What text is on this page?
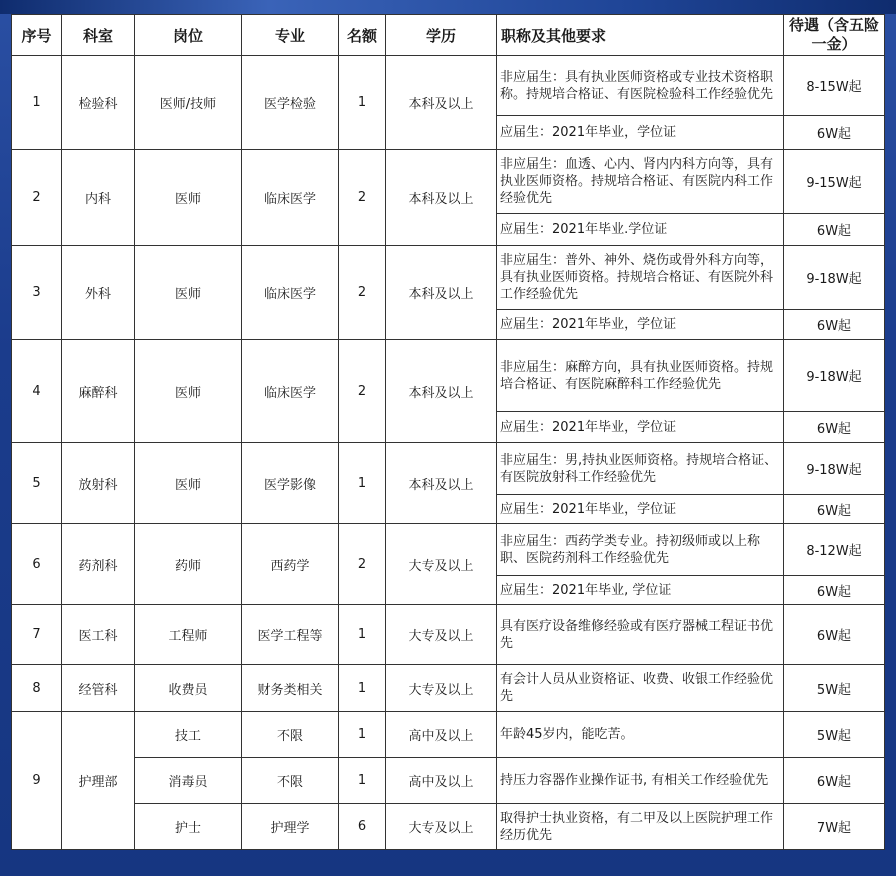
序号	科室	岗位	专业	名额	学历	职称及其他要求	待遇（含五险一金）
1	检验科	医师/技师	医学检验	1	本科及以上	非应届生：具有执业医师资格或专业技术资格职称。持规培合格证、有医院检验科工作经验优先	8-15W起
						应届生：2021年毕业，学位证	6W起
2	内科	医师	临床医学	2	本科及以上	非应届生：血透、心内、肾内内科方向等，具有执业医师资格。持规培合格证、有医院内科工作经验优先	9-15W起
						应届生：2021年毕业.学位证	6W起
3	外科	医师	临床医学	2	本科及以上	非应届生：普外、神外、烧伤或骨外科方向等，具有执业医师资格。持规培合格证、有医院外科工作经验优先	9-18W起
						应届生：2021年毕业，学位证	6W起
4	麻醉科	医师	临床医学	2	本科及以上	非应届生：麻醉方向，具有执业医师资格。持规培合格证、有医院麻醉科工作经验优先	9-18W起
						应届生：2021年毕业，学位证	6W起
5	放射科	医师	医学影像	1	本科及以上	非应届生：男,持执业医师资格。持规培合格证、有医院放射科工作经验优先	9-18W起
						应届生：2021年毕业，学位证	6W起
6	药剂科	药师	西药学	2	大专及以上	非应届生：西药学类专业。持初级师或以上称职、医院药剂科工作经验优先	8-12W起
						应届生：2021年毕业, 学位证	6W起
7	医工科	工程师	医学工程等	1	大专及以上	具有医疗设备维修经验或有医疗器械工程证书优先	6W起
8	经管科	收费员	财务类相关	1	大专及以上	有会计人员从业资格证、收费、收银工作经验优先	5W起
9	护理部	技工	不限	1	高中及以上	年龄45岁内，能吃苦。	5W起
		消毒员	不限	1	高中及以上	持压力容器作业操作证书, 有相关工作经验优先	6W起
		护士	护理学	6	大专及以上	取得护士执业资格，有二甲及以上医院护理工作经历优先	7W起
